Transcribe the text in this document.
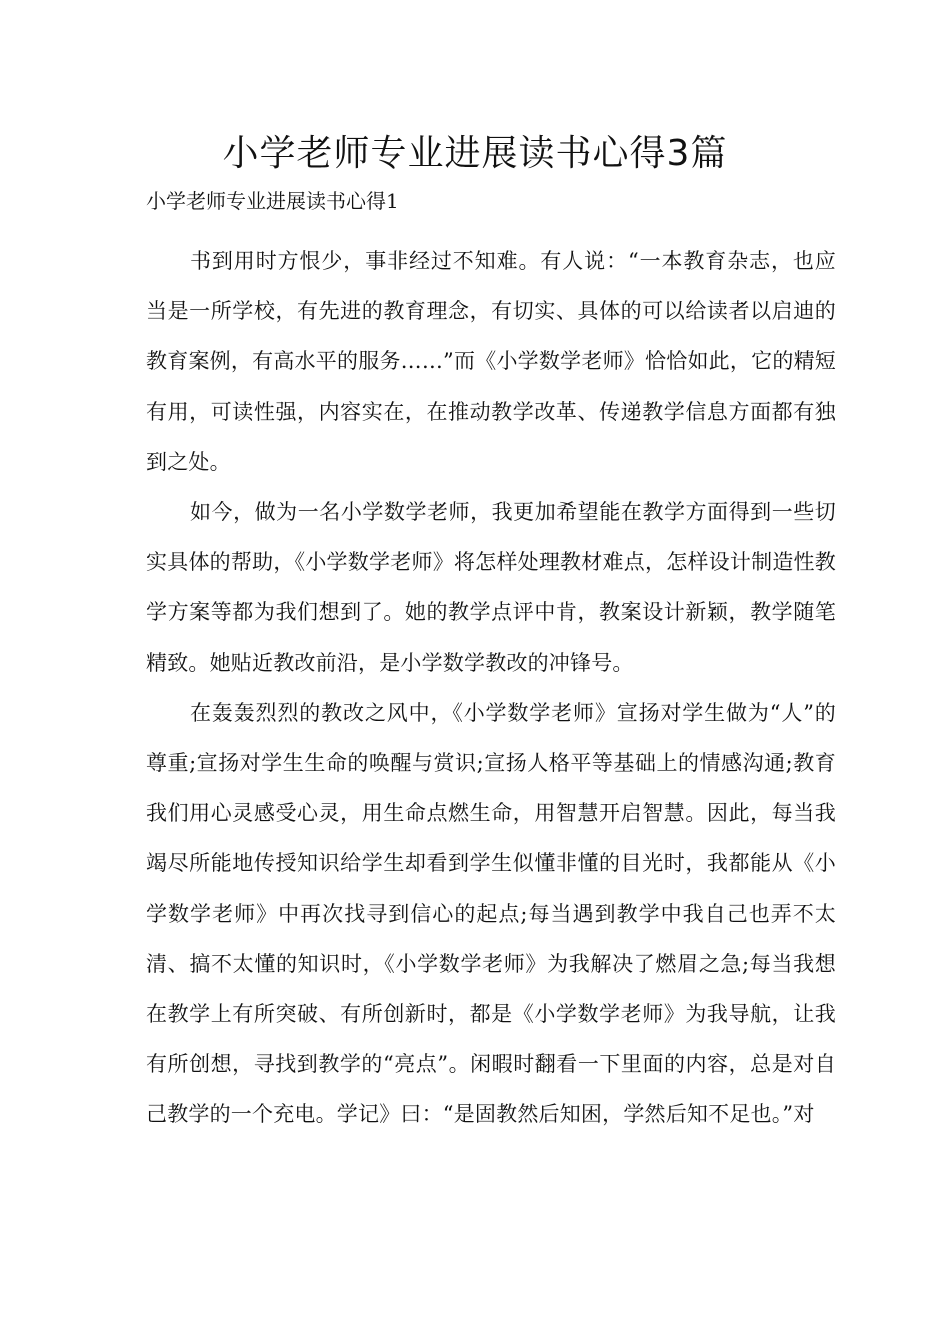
小学老师专业进展读书心得3篇
小学老师专业进展读书心得1

书到用时方恨少，事非经过不知难。有人说：“一本教育杂志，也应当是一所学校，有先进的教育理念，有切实、具体的可以给读者以启迪的教育案例，有高水平的服务……”而《小学数学老师》恰恰如此，它的精短有用，可读性强，内容实在，在推动教学改革、传递教学信息方面都有独到之处。

如今，做为一名小学数学老师，我更加希望能在教学方面得到一些切实具体的帮助，《小学数学老师》将怎样处理教材难点，怎样设计制造性教学方案等都为我们想到了。她的教学点评中肯，教案设计新颖，教学随笔精致。她贴近教改前沿，是小学数学教改的冲锋号。

在轰轰烈烈的教改之风中，《小学数学老师》宣扬对学生做为“人”的尊重;宣扬对学生生命的唤醒与赏识;宣扬人格平等基础上的情感沟通;教育我们用心灵感受心灵，用生命点燃生命，用智慧开启智慧。因此，每当我竭尽所能地传授知识给学生却看到学生似懂非懂的目光时，我都能从《小学数学老师》中再次找寻到信心的起点;每当遇到教学中我自己也弄不太清、搞不太懂的知识时，《小学数学老师》为我解决了燃眉之急;每当我想在教学上有所突破、有所创新时，都是《小学数学老师》为我导航，让我有所创想，寻找到教学的“亮点”。闲暇时翻看一下里面的内容，总是对自己教学的一个充电。学记》曰：“是固教然后知困，学然后知不足也。”对
